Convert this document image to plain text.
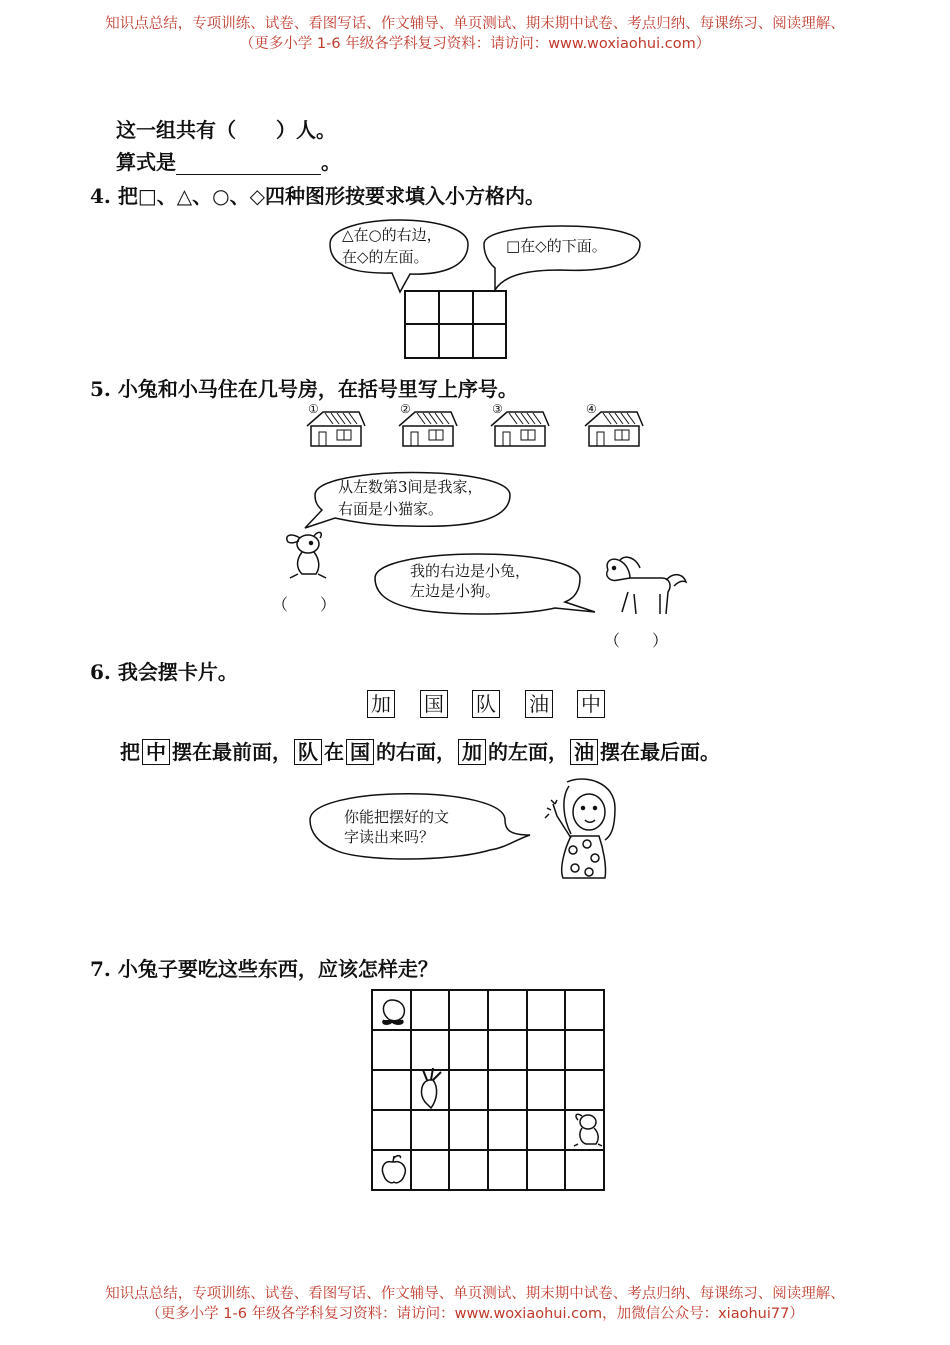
知识点总结，专项训练、试卷、看图写话、作文辅导、单页测试、期末期中试卷、考点归纳、每课练习、阅读理解、
（更多小学 1-6 年级各学科复习资料：请访问：www.woxiaohui.com）
这一组共有（　　）人。
算式是	。
4. 把□、△、○、◇四种图形按要求填入小方格内。
△在○的右边，
在◇的左面。
□在◇的下面。
5. 小兔和小马住在几号房，在括号里写上序号。
①	②	③	④
从左数第3间是我家，
右面是小猫家。
我的右边是小兔，
左边是小狗。
（　　）
（　　）
6. 我会摆卡片。
加 国 队 油 中
把 中 摆在最前面， 队 在 国 的右面， 加 的左面， 油 摆在最后面。
你能把摆好的文
字读出来吗？
7. 小兔子要吃这些东西，应该怎样走？
知识点总结，专项训练、试卷、看图写话、作文辅导、单页测试、期末期中试卷、考点归纳、每课练习、阅读理解、
（更多小学 1-6 年级各学科复习资料：请访问：www.woxiaohui.com，加微信公众号：xiaohui77）
